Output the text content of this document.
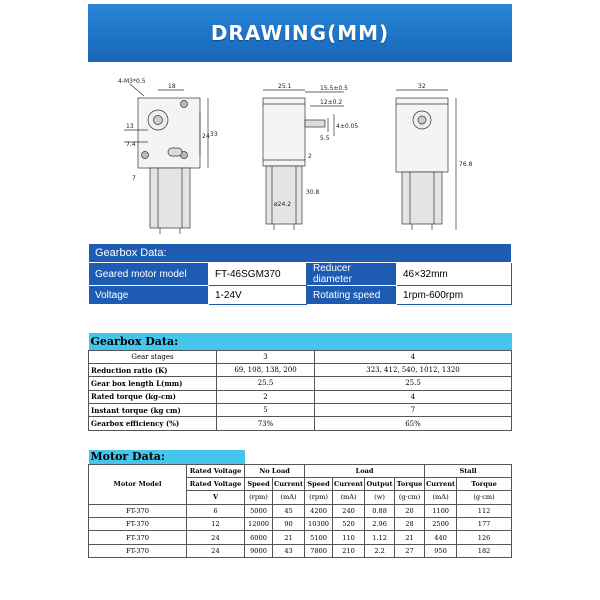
DRAWING(MM)
4-M3*0.5
18
33
24
13
7.4
7
25.1	15.5±0.5
12±0.2
5.5
4±0.05
2
ø24.2
30.8
32
76.8
Gearbox Data:			
Geared motor model	FT-46SGM370	Reducer diameter	46×32mm
Voltage	1-24V	Rotating speed	1rpm-600rpm
Gearbox Data:		
Gear stages	3	4
Reduction ratio (K)	69, 108, 138, 200	323, 412, 540, 1012, 1320
Gear box length L(mm)	25.5	25.5
Rated torque (kg-cm)	2	4
Instant torque (kg cm)	5	7
Gearbox efficiency (%)	73%	65%
Motor Data:									
Motor Model	Rated Voltage	No Load		Load				Stall	
	Rated Voltage	Speed	Current	Speed	Current	Output	Torque	Current	Torque
	V	(rpm)	(mA)	(rpm)	(mA)	(w)	(g·cm)	(mA)	(g·cm)
FT-370	6	5000	45	4200	240	0.88	20	1100	112
FT-370	12	12000	90	10300	520	2.96	28	2500	177
FT-370	24	6000	21	5100	110	1.12	21	440	126
FT-370	24	9000	43	7800	210	2.2	27	950	182
